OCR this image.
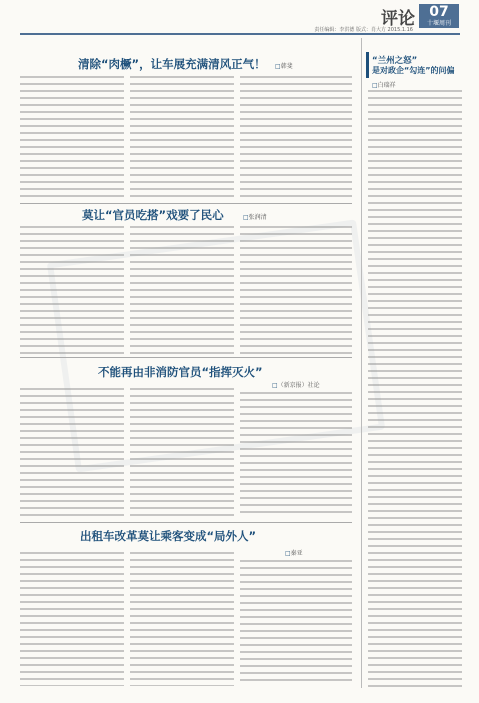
评论	07
十堰周刊
责任编辑：李洪德 版式：肖大方 2015.1.16
清除“肉橛”，让车展充满清风正气！ □韩斐
莫让“官员吃搭”戏要了民心	□张润清
不能再由非消防官员“指挥灭火”
□（新京报）社论
出租车改革莫让乘客变成“局外人”
□秦亚
“兰州之怒”
是对政企“勾连”的问偏
□白瑞祥
